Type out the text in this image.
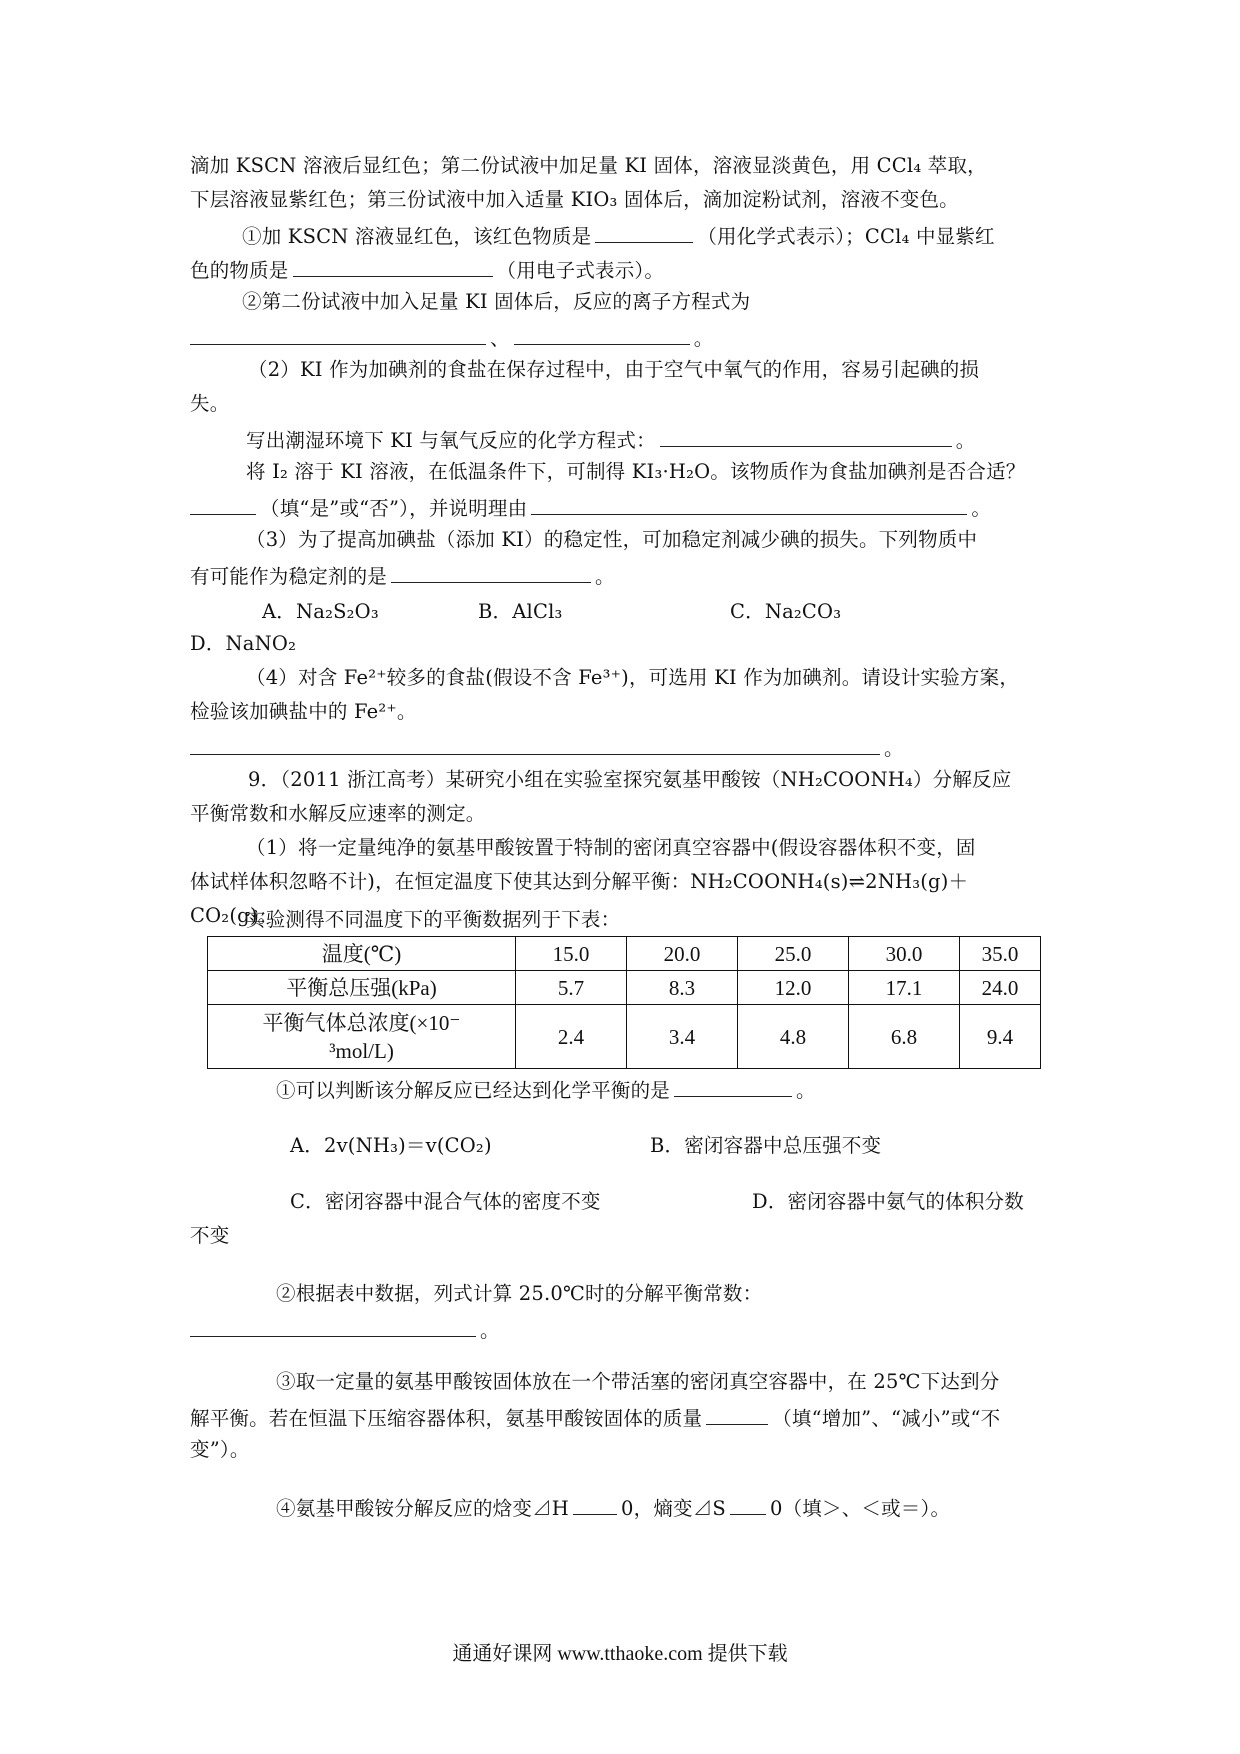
滴加 KSCN 溶液后显红色；第二份试液中加足量 KI 固体，溶液显淡黄色，用 CCl₄ 萃取，
下层溶液显紫红色；第三份试液中加入适量 KIO₃ 固体后，滴加淀粉试剂，溶液不变色。
①加 KSCN 溶液显红色，该红色物质是	（用化学式表示）；CCl₄ 中显紫红
色的物质是	（用电子式表示）。
②第二份试液中加入足量 KI 固体后，反应的离子方程式为
、	。
（2）KI 作为加碘剂的食盐在保存过程中，由于空气中氧气的作用，容易引起碘的损
失。
写出潮湿环境下 KI 与氧气反应的化学方程式：	。
将 I₂ 溶于 KI 溶液，在低温条件下，可制得 KI₃·H₂O。该物质作为食盐加碘剂是否合适？
（填“是”或“否”），并说明理由	。
（3）为了提高加碘盐（添加 KI）的稳定性，可加稳定剂减少碘的损失。下列物质中
有可能作为稳定剂的是	。
A．Na₂S₂O₃	B．AlCl₃	C．Na₂CO₃
D．NaNO₂
（4）对含 Fe²⁺较多的食盐(假设不含 Fe³⁺)，可选用 KI 作为加碘剂。请设计实验方案，
检验该加碘盐中的 Fe²⁺。
。
9．（2011 浙江高考）某研究小组在实验室探究氨基甲酸铵（NH₂COONH₄）分解反应
平衡常数和水解反应速率的测定。
（1）将一定量纯净的氨基甲酸铵置于特制的密闭真空容器中(假设容器体积不变，固
体试样体积忽略不计)，在恒定温度下使其达到分解平衡：NH₂COONH₄(s)⇌2NH₃(g)＋
CO₂(g)。
实验测得不同温度下的平衡数据列于下表：
温度(℃)	15.0	20.0	25.0	30.0	35.0
平衡总压强(kPa)	5.7	8.3	12.0	17.1	24.0

平衡气体总浓度(×10⁻
³mol/L)	2.4	3.4	4.8	6.8	9.4
①可以判断该分解反应已经达到化学平衡的是	。
A．2v(NH₃)＝v(CO₂)	B．密闭容器中总压强不变
C．密闭容器中混合气体的密度不变	D．密闭容器中氨气的体积分数
不变
②根据表中数据，列式计算 25.0℃时的分解平衡常数：
。
③取一定量的氨基甲酸铵固体放在一个带活塞的密闭真空容器中，在 25℃下达到分
解平衡。若在恒温下压缩容器体积，氨基甲酸铵固体的质量	（填“增加”、“减小”或“不
变”）。
④氨基甲酸铵分解反应的焓变⊿H	0，熵变⊿S 0（填＞、＜或＝）。
通通好课网 www.tthaoke.com 提供下载
